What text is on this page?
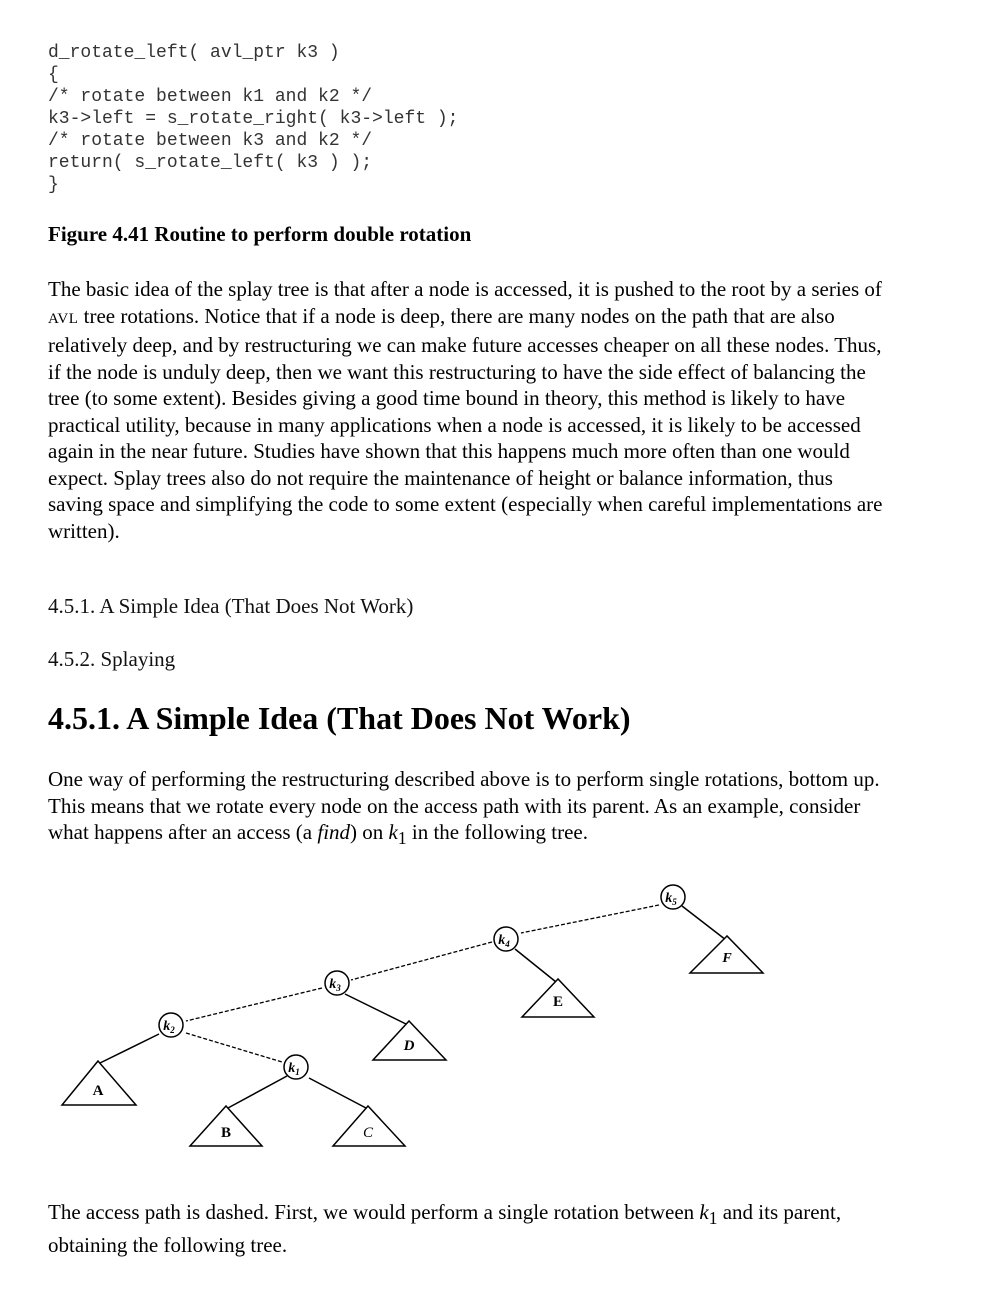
d_rotate_left( avl_ptr k3 )
{
/* rotate between k1 and k2 */
k3->left = s_rotate_right( k3->left );
/* rotate between k3 and k2 */
return( s_rotate_left( k3 ) );
}
Figure 4.41 Routine to perform double rotation

The basic idea of the splay tree is that after a node is accessed, it is pushed to the root by a series of AVL tree rotations. Notice that if a node is deep, there are many nodes on the path that are also relatively deep, and by restructuring we can make future accesses cheaper on all these nodes. Thus, if the node is unduly deep, then we want this restructuring to have the side effect of balancing the tree (to some extent). Besides giving a good time bound in theory, this method is likely to have practical utility, because in many applications when a node is accessed, it is likely to be accessed again in the near future. Studies have shown that this happens much more often than one would expect. Splay trees also do not require the maintenance of height or balance information, thus saving space and simplifying the code to some extent (especially when careful implementations are written).

4.5.1. A Simple Idea (That Does Not Work)
4.5.2. Splaying
4.5.1. A Simple Idea (That Does Not Work)

One way of performing the restructuring described above is to perform single rotations, bottom up. This means that we rotate every node on the access path with its parent. As an example, consider what happens after an access (a find) on $k_1$ in the following tree.

A
B	C
D
E
F
$k_5$
$k_4$
$k_3$
$k_2$
$k_1$

The access path is dashed. First, we would perform a single rotation between $k_1$ and its parent, obtaining the following tree.
